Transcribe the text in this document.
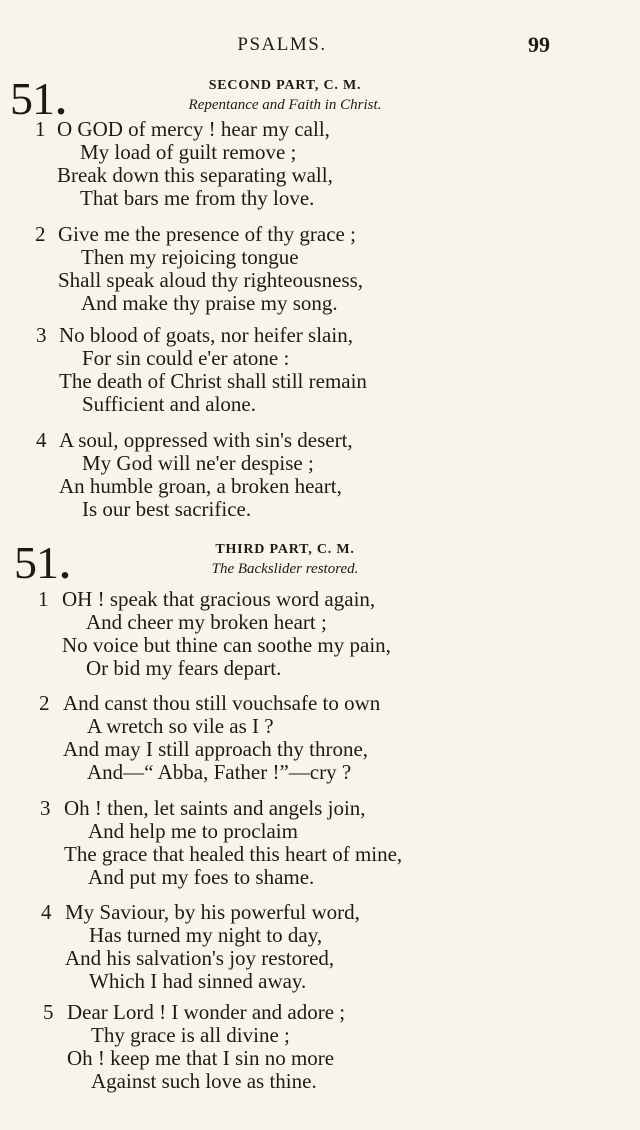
PSALMS.	99
51.	SECOND PART, C. M.
Repentance and Faith in Christ.
1 O GOD of mercy ! hear my call,
My load of guilt remove ;
Break down this separating wall,
That bars me from thy love.
2 Give me the presence of thy grace ;
Then my rejoicing tongue
Shall speak aloud thy righteousness,
And make thy praise my song.
3 No blood of goats, nor heifer slain,
For sin could e'er atone :
The death of Christ shall still remain
Sufficient and alone.
4 A soul, oppressed with sin's desert,
My God will ne'er despise ;
An humble groan, a broken heart,
Is our best sacrifice.
51.	THIRD PART, C. M.
The Backslider restored.
1 OH ! speak that gracious word again,
And cheer my broken heart ;
No voice but thine can soothe my pain,
Or bid my fears depart.
2 And canst thou still vouchsafe to own
A wretch so vile as I ?
And may I still approach thy throne,
And—“ Abba, Father !”—cry ?
3 Oh ! then, let saints and angels join,
And help me to proclaim
The grace that healed this heart of mine,
And put my foes to shame.
4 My Saviour, by his powerful word,
Has turned my night to day,
And his salvation's joy restored,
Which I had sinned away.
5 Dear Lord ! I wonder and adore ;
Thy grace is all divine ;
Oh ! keep me that I sin no more
Against such love as thine.
